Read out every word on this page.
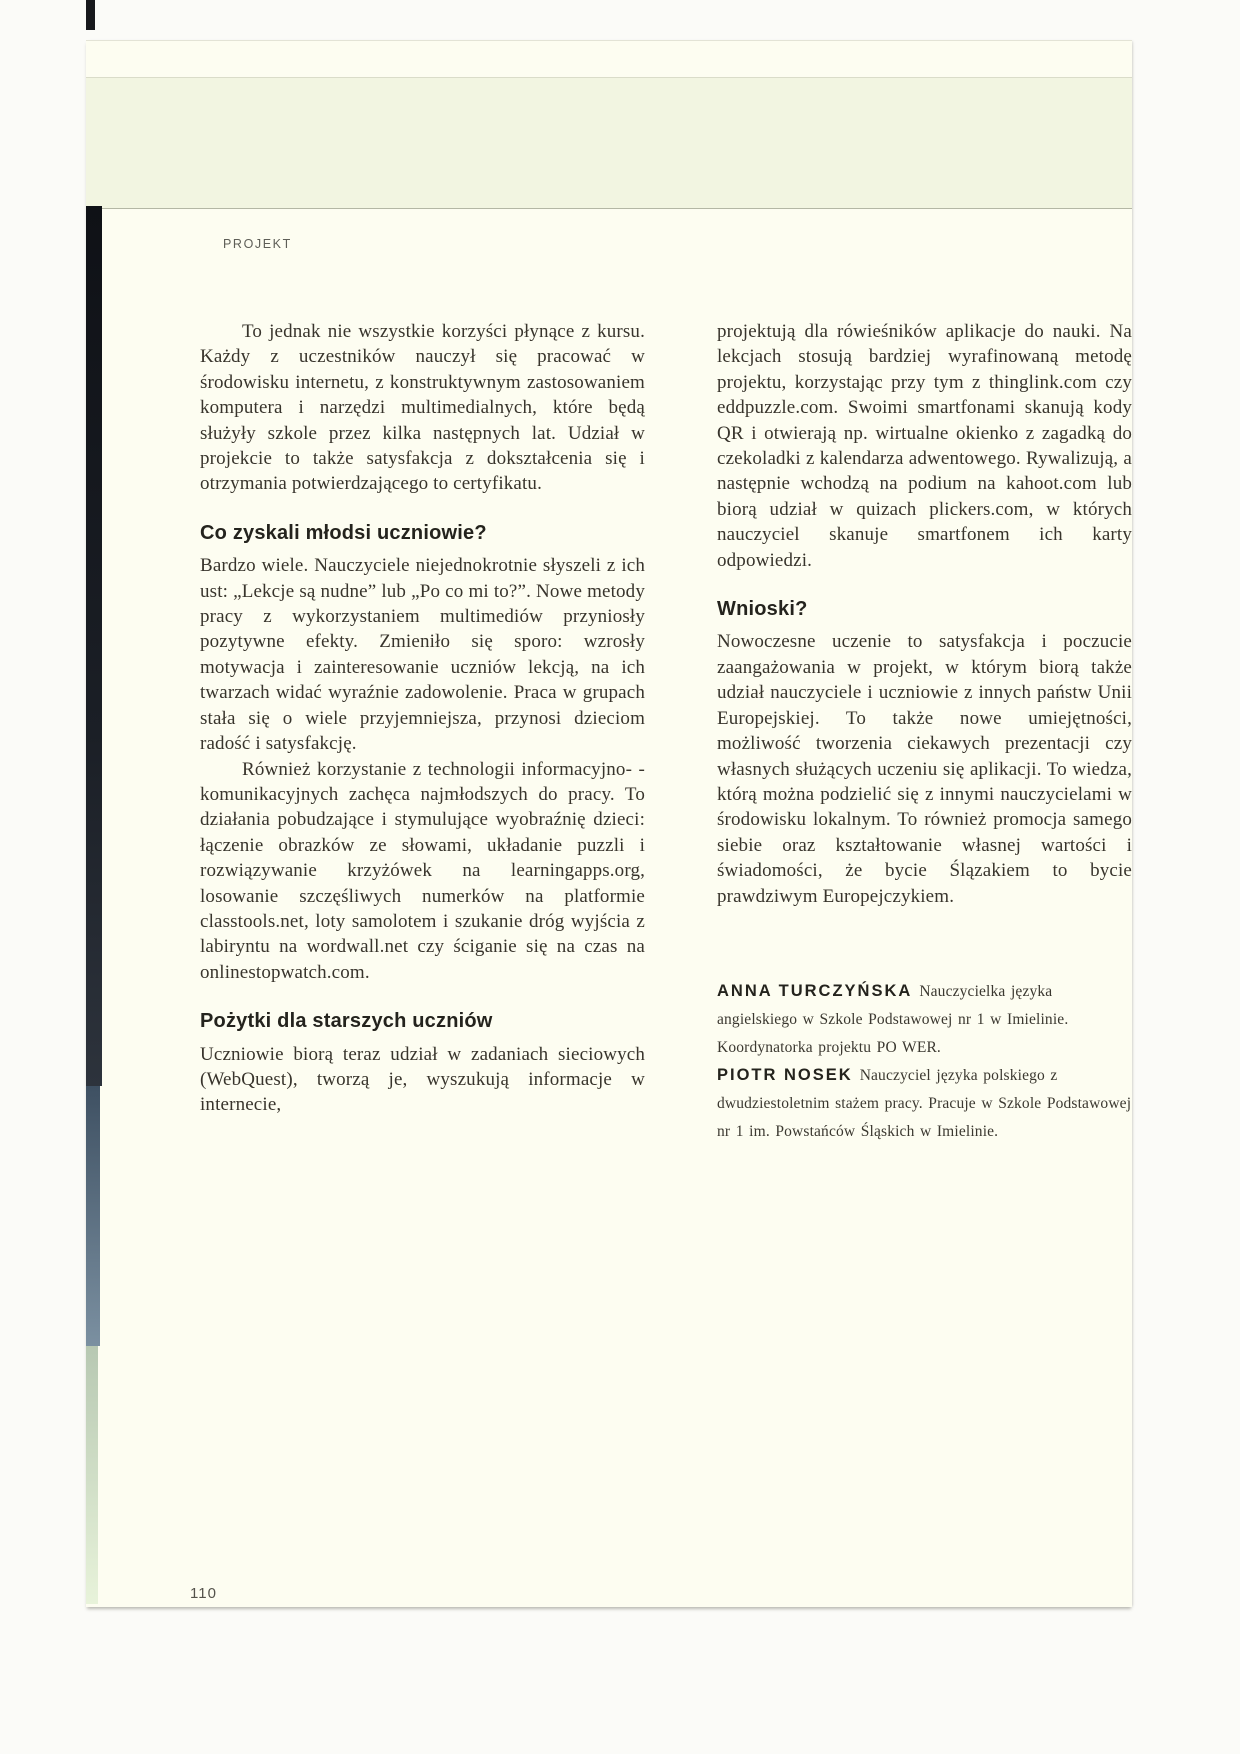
PROJEKT

To jednak nie wszystkie korzyści płynące z kursu. Każdy z uczestników nauczył się pracować w środowisku internetu, z konstruktywnym zastosowaniem komputera i narzędzi multimedialnych, które będą służyły szkole przez kilka następnych lat. Udział w projekcie to także satysfakcja z dokształcenia się i otrzymania potwierdzającego to certyfikatu.

Co zyskali młodsi uczniowie?

Bardzo wiele. Nauczyciele niejednokrotnie słyszeli z ich ust: „Lekcje są nudne” lub „Po co mi to?”. Nowe metody pracy z wykorzystaniem multimediów przyniosły pozytywne efekty. Zmieniło się sporo: wzrosły motywacja i zainteresowanie uczniów lekcją, na ich twarzach widać wyraźnie zadowolenie. Praca w grupach stała się o wiele przyjemniejsza, przynosi dzieciom radość i satysfakcję.

Również korzystanie z technologii informacyjno- -komunikacyjnych zachęca najmłodszych do pracy. To działania pobudzające i stymulujące wyobraźnię dzieci: łączenie obrazków ze słowami, układanie puzzli i rozwiązywanie krzyżówek na learningapps.org, losowanie szczęśliwych numerków na platformie classtools.net, loty samolotem i szukanie dróg wyjścia z labiryntu na wordwall.net czy ściganie się na czas na onlinestopwatch.com.

Pożytki dla starszych uczniów

Uczniowie biorą teraz udział w zadaniach sieciowych (WebQuest), tworzą je, wyszukują informacje w internecie,

projektują dla rówieśników aplikacje do nauki. Na lekcjach stosują bardziej wyrafinowaną metodę projektu, korzystając przy tym z thinglink.com czy eddpuzzle.com. Swoimi smartfonami skanują kody QR i otwierają np. wirtualne okienko z zagadką do czekoladki z kalendarza adwentowego. Rywalizują, a następnie wchodzą na podium na kahoot.com lub biorą udział w quizach plickers.com, w których nauczyciel skanuje smartfonem ich karty odpowiedzi.

Wnioski?

Nowoczesne uczenie to satysfakcja i poczucie zaangażowania w projekt, w którym biorą także udział nauczyciele i uczniowie z innych państw Unii Europejskiej. To także nowe umiejętności, możliwość tworzenia ciekawych prezentacji czy własnych służących uczeniu się aplikacji. To wiedza, którą można podzielić się z innymi nauczycielami w środowisku lokalnym. To również promocja samego siebie oraz kształtowanie własnej wartości i świadomości, że bycie Ślązakiem to bycie prawdziwym Europejczykiem.

ANNA TURCZYŃSKA Nauczycielka języka angielskiego w Szkole Podstawowej nr 1 w Imielinie. Koordynatorka projektu PO WER.

PIOTR NOSEK Nauczyciel języka polskiego z dwudziestoletnim stażem pracy. Pracuje w Szkole Podstawowej nr 1 im. Powstańców Śląskich w Imielinie.

110
